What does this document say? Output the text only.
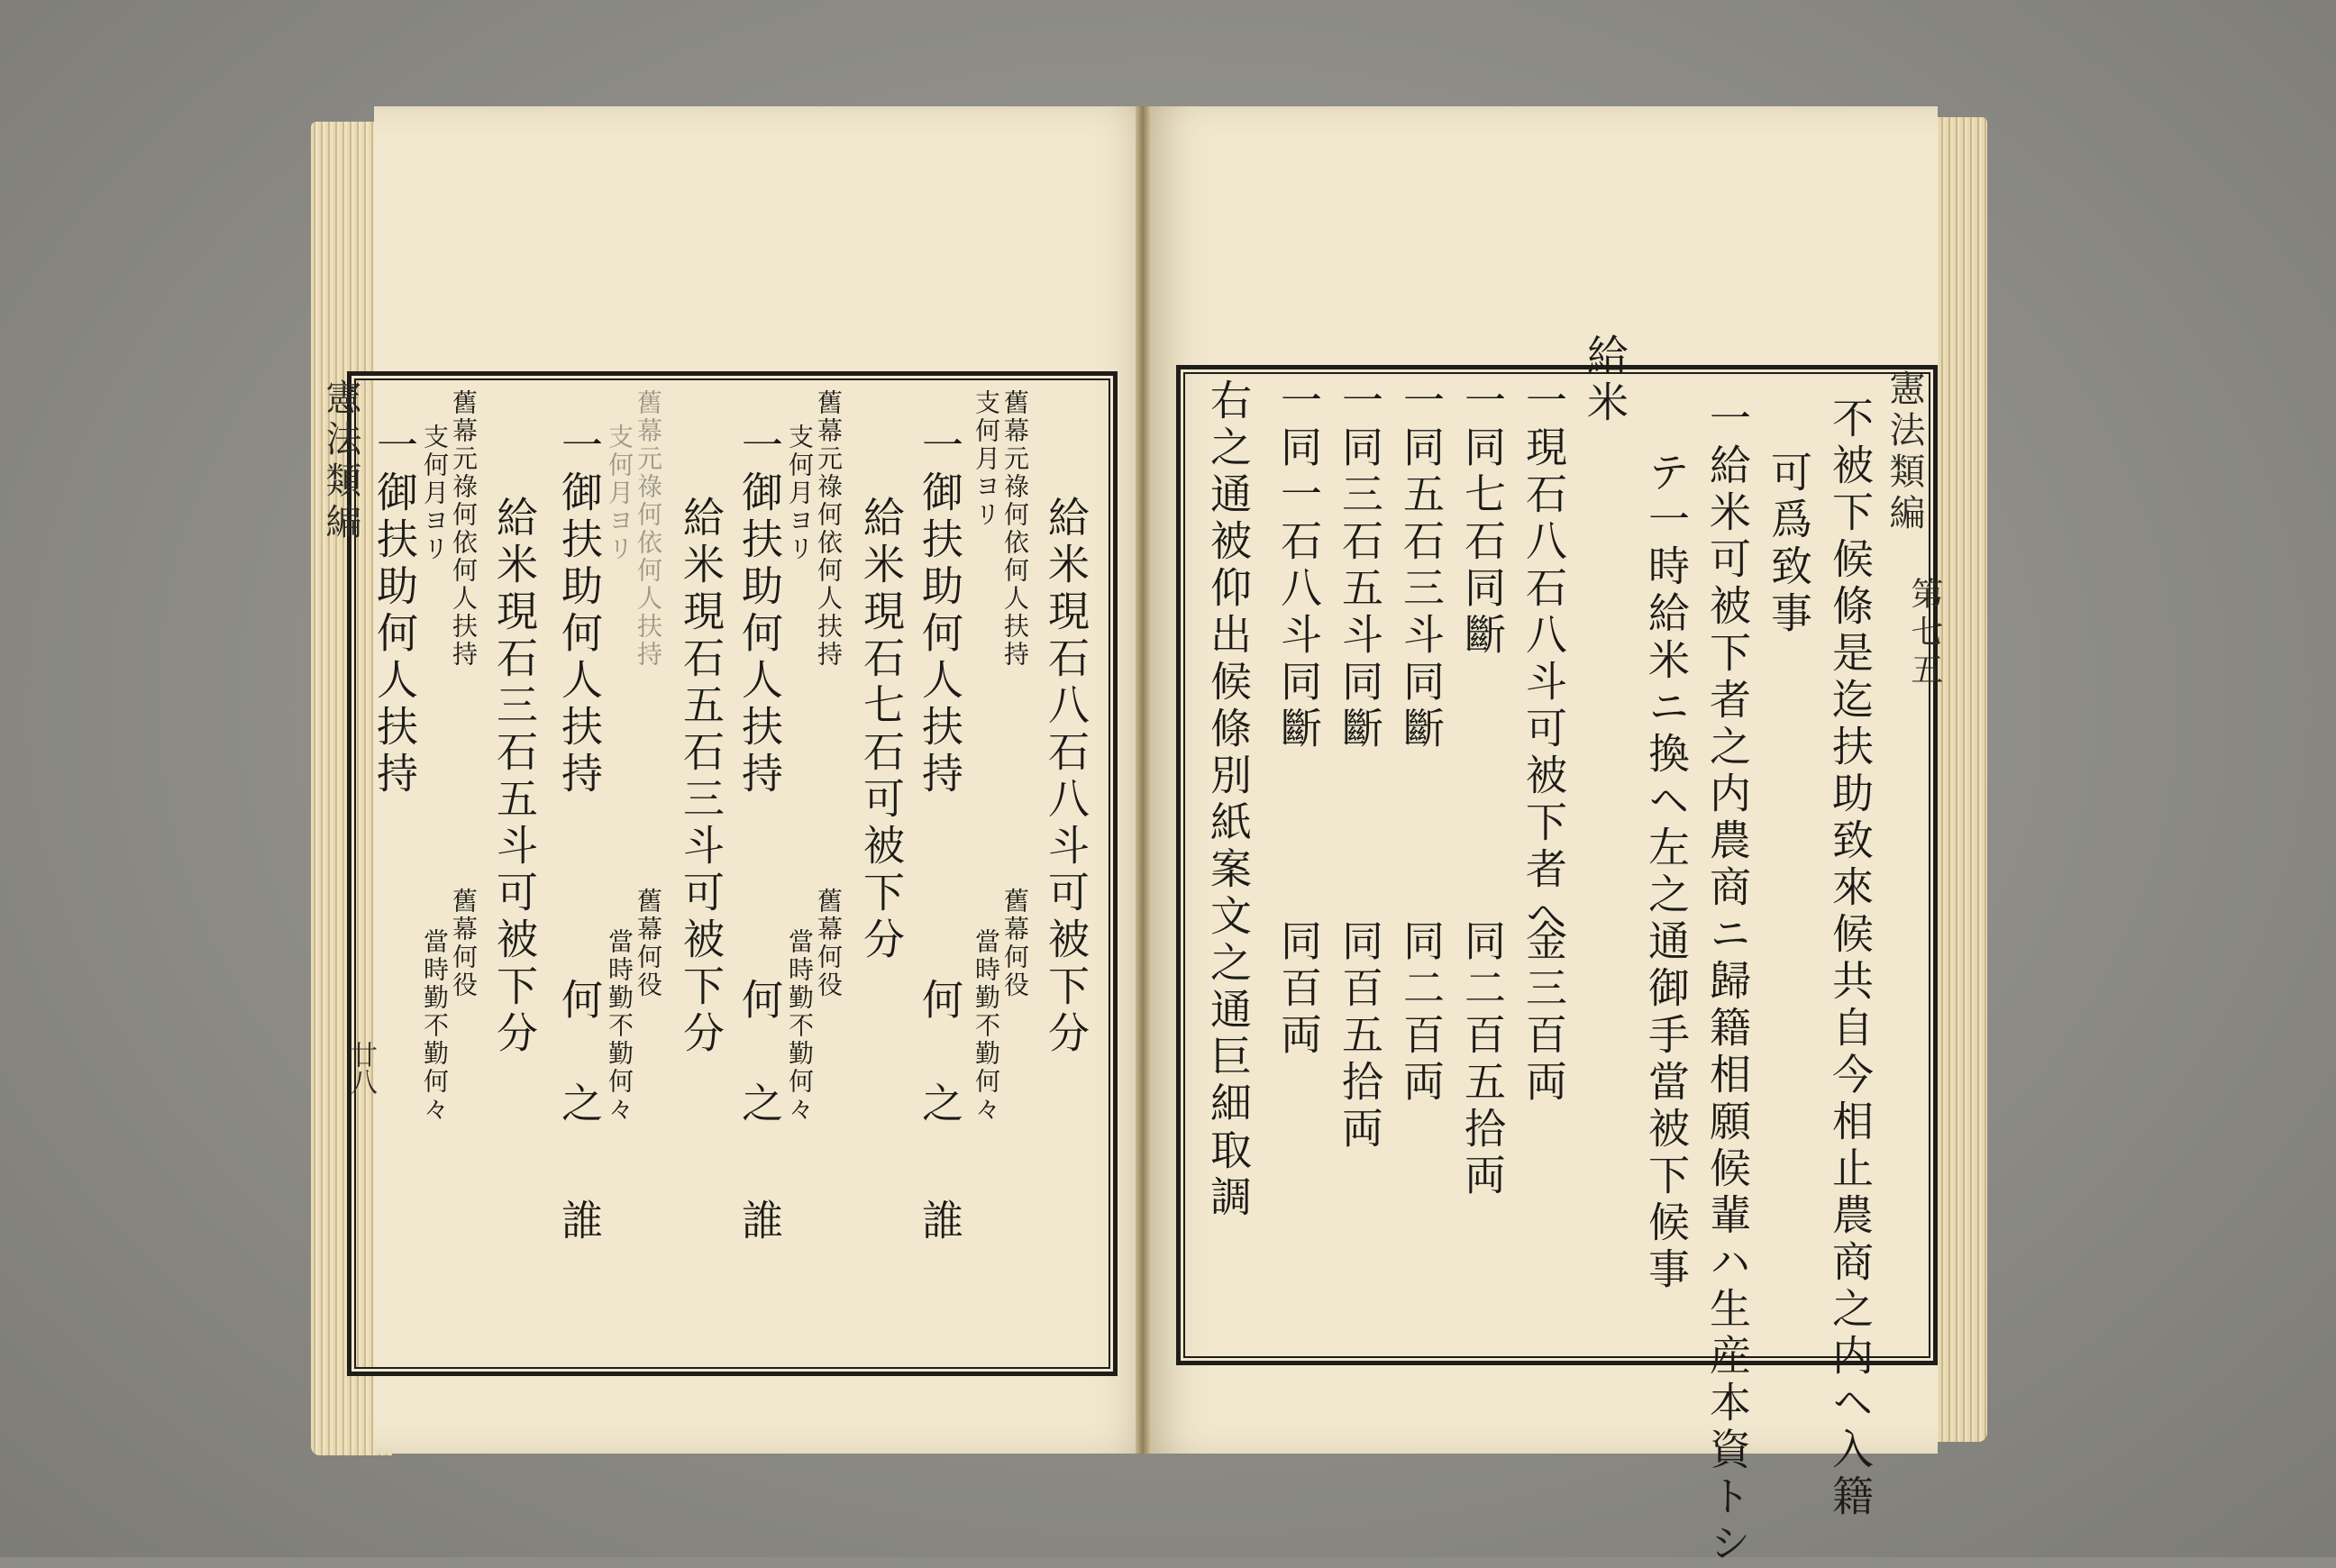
憲法類編
廿八
舊幕元祿何依何人扶持
支何月ヨリ
給米現石八石八斗可被下分
一御扶助何人扶持
舊幕何役
當時勤不勤何々
何
之
誰
舊幕元祿何依何人扶持
支何月ヨリ
給米現石七石可被下分
一御扶助何人扶持
舊幕何役
當時勤不勤何々
何
之
誰
舊幕元祿何依何人扶持
支何月ヨリ
給米現石五石三斗可被下分
一御扶助何人扶持
舊幕何役
當時勤不勤何々
何
之
誰
舊幕元祿何依何人扶持
支何月ヨリ
給米現石三石五斗可被下分
一御扶助何人扶持
舊幕何役
當時勤不勤何々
憲法類編
第七五
不被下候條是迄扶助致來候共自今相止農商之内ヘ入籍
可爲致事
一給米可被下者之内農商ニ歸籍相願候輩ハ生産本資トシ
テ一時給米ニ換ヘ左之通御手當被下候事
給米
一現石八石八斗可被下者へ
金三百両
一同七石同斷
同二百五拾両
一同五石三斗同斷
同二百両
一同三石五斗同斷
同百五拾両
一同一石八斗同斷
同百両
右之通被仰出候條別紙案文之通巨細取調
